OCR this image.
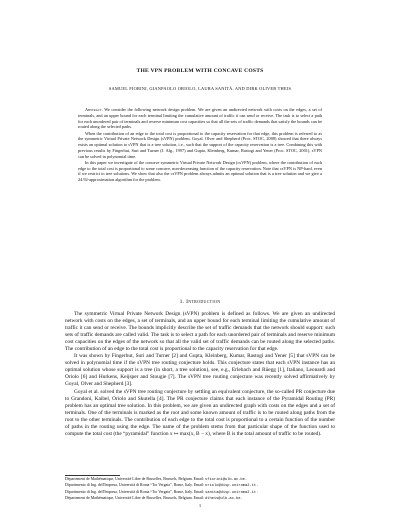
THE VPN PROBLEM WITH CONCAVE COSTS
SAMUEL FIORINI, GIANPAOLO ORIOLO, LAURA SANITÀ, AND DIRK OLIVER THEIS

Abstract. We consider the following network design problem. We are given an undirected network with costs on the edges, a set of terminals, and an upper bound for each terminal limiting the cumulative amount of traffic it can send or receive. The task is to select a path for each unordered pair of terminals and reserve minimum cost capacities so that all the sets of traffic demands that satisfy the bounds can be routed along the selected paths.

When the contribution of an edge to the total cost is proportional to the capacity reservation for that edge, this problem is referred to as the symmetric Virtual Private Network Design (sVPN) problem. Goyal, Olver and Shepherd (Proc. STOC, 2008) showed that there always exists an optimal solution to sVPN that is a tree solution, i.e., such that the support of the capacity reservation is a tree. Combining this with previous results by Fingerhut, Suri and Turner (J. Alg., 1997) and Gupta, Kleinberg, Kumar, Rastogi and Yener (Proc. STOC, 2001), sVPN can be solved in polynomial time.

In this paper we investigate of the concave symmetric Virtual Private Network Design (csVPN) problem, where the contribution of each edge to the total cost is proportional to some concave, non-decreasing function of the capacity reservation. Note that csVPN is NP-hard, even if we restrict to tree solutions. We show that also the csVPN problem always admits an optimal solution that is a tree solution and we give a 24.92-approximation algorithm for the problem.

1. Introduction

The symmetric Virtual Private Network Design (sVPN) problem is defined as follows. We are given an undirected network with costs on the edges, a set of terminals, and an upper bound for each terminal limiting the cumulative amount of traffic it can send or receive. The bounds implicitly describe the set of traffic demands that the network should support: such sets of traffic demands are called valid. The task is to select a path for each unordered pair of terminals and reserve minimum cost capacities on the edges of the network so that all the valid set of traffic demands can be routed along the selected paths. The contribution of an edge to the total cost is proportional to the capacity reservation for that edge.

It was shown by Fingerhut, Suri and Turner [2] and Gupta, Kleinberg, Kumar, Rastogi and Yener [5] that sVPN can be solved in polynomial time if the sVPN tree routing conjecture holds. This conjecture states that each sVPN instance has an optimal solution whose support is a tree (in short, a tree solution), see, e.g., Erlebach and Rüegg [1], Italiano, Leonardi and Oriolo [6] and Hurkens, Keijsper and Stougie [7]. The sVPN tree routing conjecture was recently solved affirmatively by Goyal, Olver and Shepherd [3].

Goyal et al. solved the sVPN tree routing conjecture by settling an equivalent conjecture, the so-called PR conjecture due to Grandoni, Kaibel, Oriolo and Skutella [4]. The PR conjecture claims that each instance of the Pyramidal Routing (PR) problem has an optimal tree solution. In this problem, we are given an undirected graph with costs on the edges and a set of terminals. One of the terminals is marked as the root and some known amount of traffic is to be routed along paths from the root to the other terminals. The contribution of each edge to the total cost is proportional to a certain function of the number of paths in the routing using the edge. The name of the problem stems from that particular shape of the function used to compute the total cost (the “pyramidal” function x ↦ max(x, B − x), where B is the total amount of traffic to be routed).

Département de Mathématique, Université Libre de Bruxelles, Brussels, Belgium. Email: sfiorini@ulb.ac.be.
Dipartimento di Ing. dell'Impresa, Università di Roma “Tor Vergata”, Rome, Italy. Email: oriolo@disp.uniroma2.it.
Dipartimento di Ing. dell'Impresa, Università di Roma “Tor Vergata”, Rome, Italy. Email: sanita@disp.uniroma2.it.
Département de Mathématique, Université Libre de Bruxelles, Brussels, Belgium. Email: dtheis@ulb.ac.be.
1
